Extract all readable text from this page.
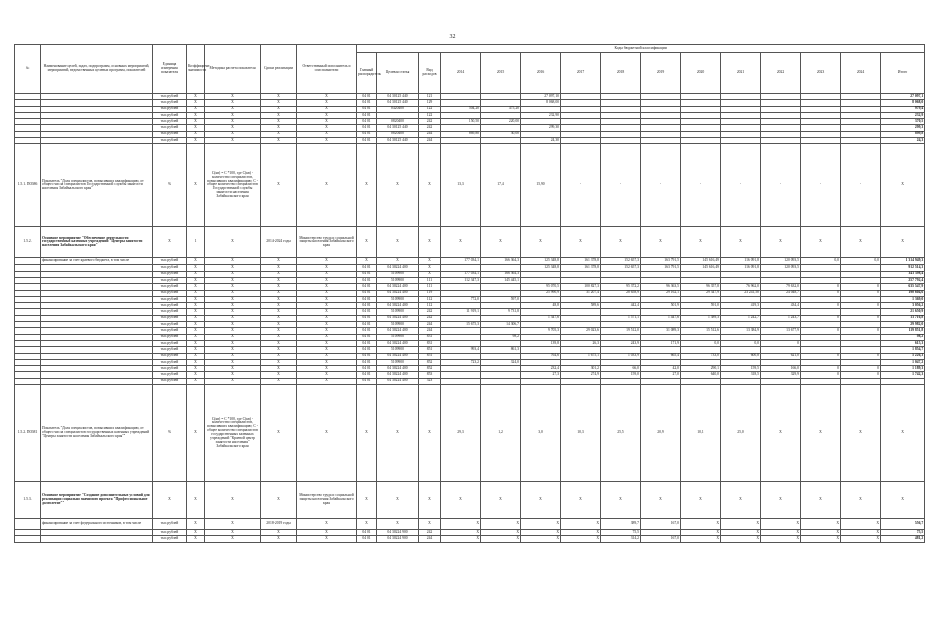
32
№	Наименование целей, задач, подпрограмм, основных мероприятий, мероприятий, ведомственных целевых программ, показателей	Единица измерения показателя	Коэффициент значимости	Методика расчета показателя	Сроки реализации	Ответственный исполнитель и соисполнители	Коды бюджетной классификации														
							Главный распорядитель	Целевая статья	Вид расходов	2014	2015	2016	2017	2018	2019	2020	2021	2022	2023	2024	Итого
		тыс.рублей	X	X	X	X	04 01	04 30125 440	121			27 097,10									27 097,1
		тыс.рублей	X	X	X	X	04 01	04 30125 440	129			8 068,00									8 068,0
		тыс.рублей	X	X	X	X	04 01	0420400	122	504,20	475,20										979,4
		тыс.рублей	X	X	X	X	04 01		122			232,90									232,9
		тыс.рублей	X	X	X	X	04 01	0820400	242	150,50	220,00										370,5
		тыс.рублей	X	X	X	X	04 01	04 30125 440	242			299,30									299,3
		тыс.рублей	X	X	X	X	04 01	0820400	244	869,80	30,00										899,8
		тыс.рублей	X	X	X	X	04 01	04 30125 440	244			24,30									24,3
1.5.1. ПОМ6	Показатель "Доля специалистов, повысивших квалификацию, от общего числа специалистов Государственной службы занятости населения Забайкальского края"	%	X	С(кв) = С *100, где С(кв) - количество специалистов, повысивших квалификацию; С - общее количество специалистов Государственной службы занятости населения Забайкальского края	X	X	X	X	X	13,3	17,4	15,90	-	-	-	-	-	-	-	-	X
1.5.2.	Основное мероприятие "Обеспечение деятельности государственных казенных учреждений "Центры занятости населения Забайкальского края"	X	1	X	2014-2024 годы	Министерство труда и социальной защиты населения Забайкальского края	X	X	X	X	X	X	X	X	X	X	X	X	X	X	X
	финансирование за счет краевого бюджета, в том числе	тыс.рублей	X	X	X	X	X	X	X	177 034,1	166 364,3	125 348,8	161 378,8	152 657,3	163 791,5	145 616,49	116 091,8	120 093,5	0,0	0,0	1 314 949,3
		тыс.рублей	X	X	X	X	04 01	04 30224 400	X			125 348,8	161 378,8	152 657,3	163 791,5	145 616,49	116 091,8	120 093,5			912 514,3
		тыс.рублей	X	X	X	X	04 01	5109900	X	177 034,1	166 364,3										343 398,4
		тыс.рублей	X	X	X	X	04 01	5109900	111	112 347,3	145 445,1										257 792,4
		тыс.рублей	X	X	X	X	04 01	04 30224 400	111			95 070,5	100 827,3	95 372,2	96 363,5	96 357,8	76 962,0	79 632,0	0	0	635 547,9
		тыс.рублей	X	X	X	X	04 01	04 30224 400	119			25 990,9	31 207,4	28 658,9	29 162,1	29 347,9	23 241,50	24 048,7	0	0	190 604,6
		тыс.рублей	X	X	X	X	04 01	5109900	112	772,0	597,0										1 369,0
		тыс.рублей	X	X	X	X	04 01	04 30224 400	112			48,8	589,6	442,4	501,9	591,0	419,3	434,4	0	0	3 056,2
		тыс.рублей	X	X	X	X	04 01	5109900	242	11 919,1	9 731,8										21 650,9
		тыс.рублей	X	X	X	X	04 01	04 30224 400	242			1 347,6		1 571,1	1 447,6	1 389,3	1 242,7	1 243,7	0	0	13 716,8
		тыс.рублей	X	X	X	X	04 01	5109900	244	15 675,3	14 306,7										29 982,0
		тыс.рублей	X	X	X	X	04 01	04 30224 400	244			9 705,3	29 023,6	19 512,0	31 089,3	15 512,6	13 384,9	13 677,9	0	0	119 851,8
		тыс.рублей	X	X	X	X	04 01	5109900	831		98,2										98,2
		тыс.рублей	X	X	X	X	04 01	04 30224 400	831			139,8	26,3	243,9	171,9	0,0	0,0	0			615,3
		тыс.рублей	X	X	X	X	04 01	5109900	851	993,4	861,3										1 854,7
		тыс.рублей	X	X	X	X	04 01	04 30224 400	851			764,6	1 675,1	1 033,9	665,4	733,0	600,8	621,0	0	0	5 226,3
		тыс.рублей	X	X	X	X	04 01	5109900	852	723,2	324,0										1 047,2
		тыс.рублей	X	X	X	X	04 01	04 30224 400	852			232,4	301,2	66,0	42,0	290,1	159,5	166,0	0	0	1 189,3
		тыс.рублей	X	X	X	X	04 01	04 30224 400	853			27,3	274,9	159,0	27,0	640,0	318,5	329,9	0	0	1 742,3
		тыс.рублей	X	X	X	X	04 01	04 30224 400	323												
1.5.2. ПОМ1	Показатель "Доля специалистов, повысивших квалификацию, от общего числа специалистов государственных казенных учреждений "Центры занятости населения Забайкальского края""	%	X	С(кв) = С *100, где С(кв) - количество специалистов, повысивших квалификацию; С - общее количество специалистов государственных казенных учреждений "Краевой центр занятости населения" Забайкальского края	X	X	X	X	X	29,3	1,2	3,0	10,3	25,5	20,9	10,1	25,0	X	X	X	X
1.5.3.	Основное мероприятие "Создание дополнительных условий для реализации социально значимого проекта "Профессиональное долголетие""	X	X	X	X	Министерство труда и социальной защиты населения Забайкальского края	X	X	X	X	X	X	X	X	X	X	X	X	X	X	X
	финансирование за счет федерального источников, в том числе	тыс.рублей	X	X	2018-2019 годы	X	X	X	X	X	X	X	X	389,7	167,0	X	X	X	X	X	556,7
		тыс.рублей	X	X	X	X	04 01	04 30224 900	242	X	X	X	X	75,5		X	X	X	X	X	75,5
		тыс.рублей	X	X	X	X	04 01	04 30224 900	244	X	X	X	X	314,2	167,0	X	X	X	X	X	481,2
